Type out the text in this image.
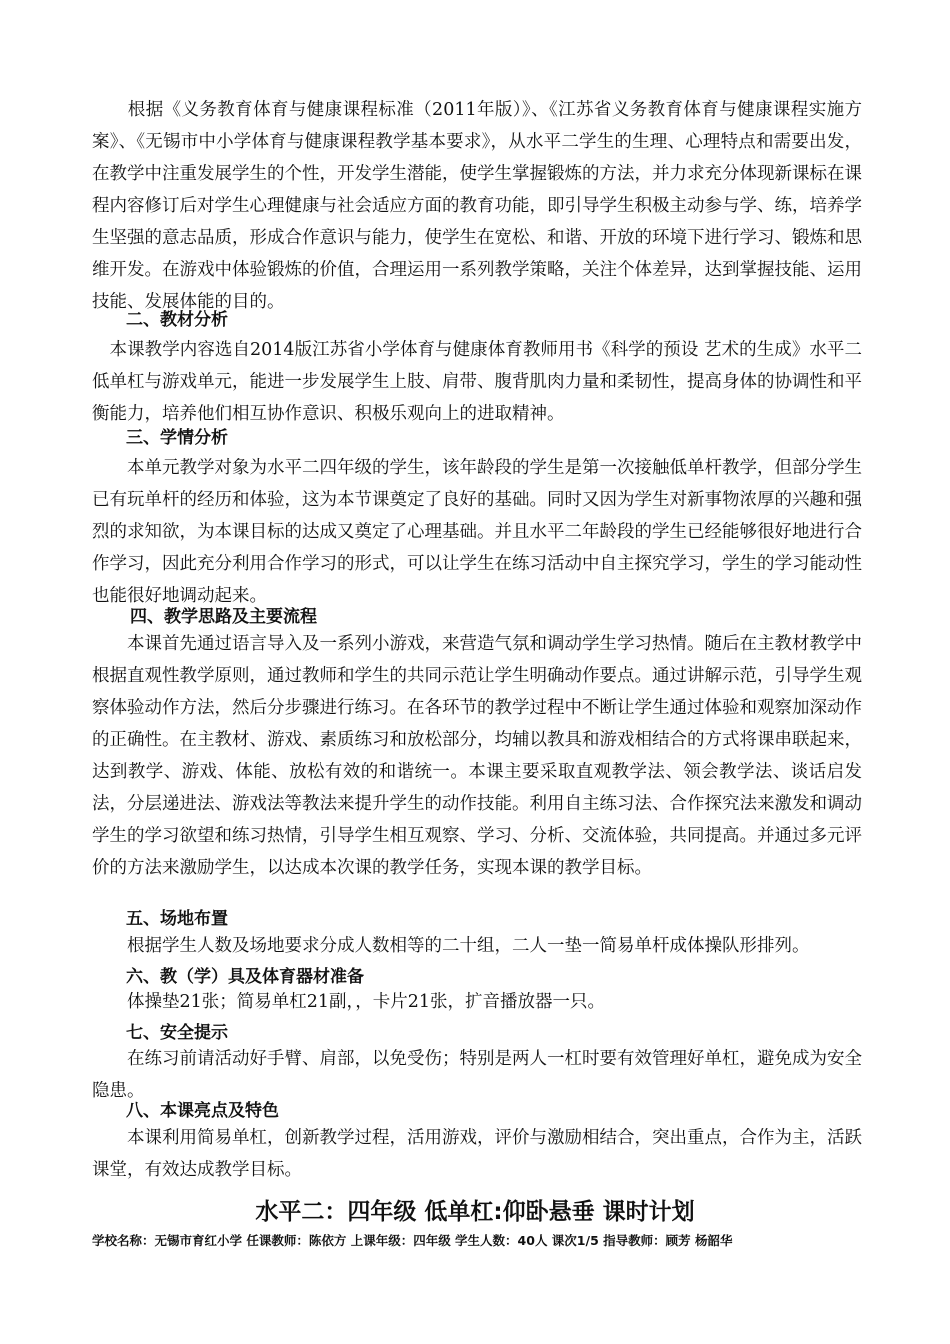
　　根据《义务教育体育与健康课程标准（2011年版）》、《江苏省义务教育体育与健康课程实施方案》、《无锡市中小学体育与健康课程教学基本要求》，从水平二学生的生理、心理特点和需要出发，在教学中注重发展学生的个性，开发学生潜能，使学生掌握锻炼的方法，并力求充分体现新课标在课程内容修订后对学生心理健康与社会适应方面的教育功能，即引导学生积极主动参与学、练，培养学生坚强的意志品质，形成合作意识与能力，使学生在宽松、和谐、开放的环境下进行学习、锻炼和思维开发。在游戏中体验锻炼的价值，合理运用一系列教学策略，关注个体差异，达到掌握技能、运用技能、发展体能的目的。

二、教材分析

　本课教学内容选自2014版江苏省小学体育与健康体育教师用书《科学的预设 艺术的生成》水平二低单杠与游戏单元，能进一步发展学生上肢、肩带、腹背肌肉力量和柔韧性，提高身体的协调性和平衡能力，培养他们相互协作意识、积极乐观向上的进取精神。

三、学情分析

　　本单元教学对象为水平二四年级的学生，该年龄段的学生是第一次接触低单杆教学，但部分学生已有玩单杆的经历和体验，这为本节课奠定了良好的基础。同时又因为学生对新事物浓厚的兴趣和强烈的求知欲，为本课目标的达成又奠定了心理基础。并且水平二年龄段的学生已经能够很好地进行合作学习，因此充分利用合作学习的形式，可以让学生在练习活动中自主探究学习，学生的学习能动性也能很好地调动起来。

四、教学思路及主要流程

　　本课首先通过语言导入及一系列小游戏，来营造气氛和调动学生学习热情。随后在主教材教学中根据直观性教学原则，通过教师和学生的共同示范让学生明确动作要点。通过讲解示范，引导学生观察体验动作方法，然后分步骤进行练习。在各环节的教学过程中不断让学生通过体验和观察加深动作的正确性。在主教材、游戏、素质练习和放松部分，均辅以教具和游戏相结合的方式将课串联起来，达到教学、游戏、体能、放松有效的和谐统一。本课主要采取直观教学法、领会教学法、谈话启发法，分层递进法、游戏法等教法来提升学生的动作技能。利用自主练习法、合作探究法来激发和调动学生的学习欲望和练习热情，引导学生相互观察、学习、分析、交流体验，共同提高。并通过多元评价的方法来激励学生，以达成本次课的教学任务，实现本课的教学目标。

五、场地布置

　　根据学生人数及场地要求分成人数相等的二十组，二人一垫一简易单杆成体操队形排列。

六、教（学）具及体育器材准备

　　体操垫21张；简易单杠21副，，卡片21张，扩音播放器一只。

七、安全提示

　　在练习前请活动好手臂、肩部，以免受伤；特别是两人一杠时要有效管理好单杠，避免成为安全隐患。

八、本课亮点及特色

　　本课利用简易单杠，创新教学过程，活用游戏，评价与激励相结合，突出重点，合作为主，活跃课堂，有效达成教学目标。

水平二：四年级 低单杠:仰卧悬垂 课时计划

学校名称：无锡市育红小学 任课教师：陈依方 上课年级：四年级 学生人数：40人 课次1/5 指导教师：顾芳 杨韶华
